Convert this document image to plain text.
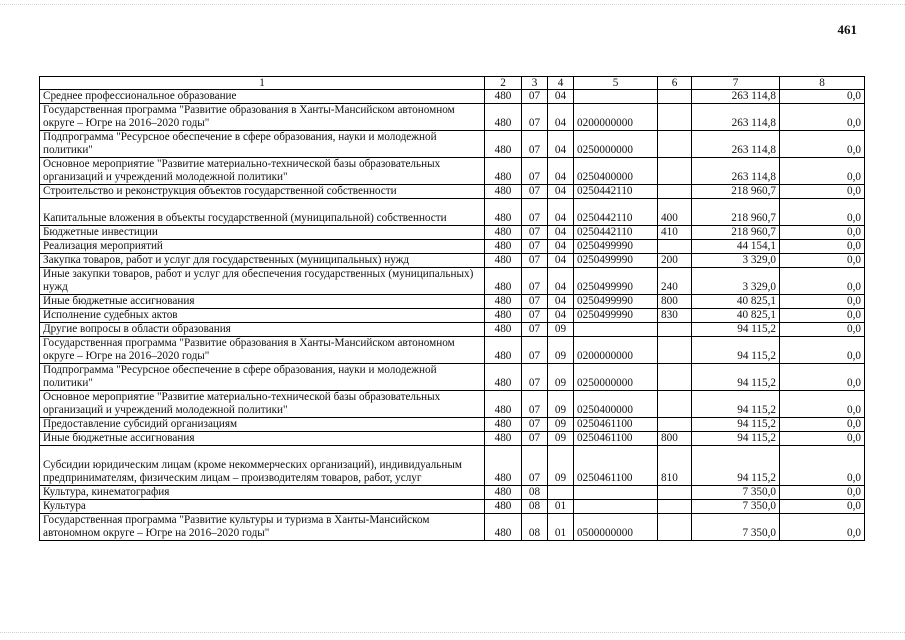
461
1	2	3	4	5	6	7	8
Среднее профессиональное образование	480	07	04			263 114,8	0,0
Государственная программа "Развитие образования в Ханты-Мансийском автономном округе – Югре на 2016–2020 годы"	480	07	04	0200000000		263 114,8	0,0
Подпрограмма "Ресурсное обеспечение в сфере образования, науки и молодежной политики"	480	07	04	0250000000		263 114,8	0,0
Основное мероприятие "Развитие материально-технической базы образовательных организаций и учреждений молодежной политики"	480	07	04	0250400000		263 114,8	0,0
Строительство и реконструкция объектов государственной собственности	480	07	04	0250442110		218 960,7	0,0
Капитальные вложения в объекты государственной (муниципальной) собственности	480	07	04	0250442110	400	218 960,7	0,0
Бюджетные инвестиции	480	07	04	0250442110	410	218 960,7	0,0
Реализация мероприятий	480	07	04	0250499990		44 154,1	0,0
Закупка товаров, работ и услуг для государственных (муниципальных) нужд	480	07	04	0250499990	200	3 329,0	0,0
Иные закупки товаров, работ и услуг для обеспечения государственных (муниципальных) нужд	480	07	04	0250499990	240	3 329,0	0,0
Иные бюджетные ассигнования	480	07	04	0250499990	800	40 825,1	0,0
Исполнение судебных актов	480	07	04	0250499990	830	40 825,1	0,0
Другие вопросы в области образования	480	07	09			94 115,2	0,0
Государственная программа "Развитие образования в Ханты-Мансийском автономном округе – Югре на 2016–2020 годы"	480	07	09	0200000000		94 115,2	0,0
Подпрограмма "Ресурсное обеспечение в сфере образования, науки и молодежной политики"	480	07	09	0250000000		94 115,2	0,0
Основное мероприятие "Развитие материально-технической базы образовательных организаций и учреждений молодежной политики"	480	07	09	0250400000		94 115,2	0,0
Предоставление субсидий организациям	480	07	09	0250461100		94 115,2	0,0
Иные бюджетные ассигнования	480	07	09	0250461100	800	94 115,2	0,0
Субсидии юридическим лицам (кроме некоммерческих организаций), индивидуальным предпринимателям, физическим лицам – производителям товаров, работ, услуг	480	07	09	0250461100	810	94 115,2	0,0
Культура, кинематография	480	08				7 350,0	0,0
Культура	480	08	01			7 350,0	0,0
Государственная программа "Развитие культуры и туризма в Ханты-Мансийском автономном округе – Югре на 2016–2020 годы"	480	08	01	0500000000		7 350,0	0,0
